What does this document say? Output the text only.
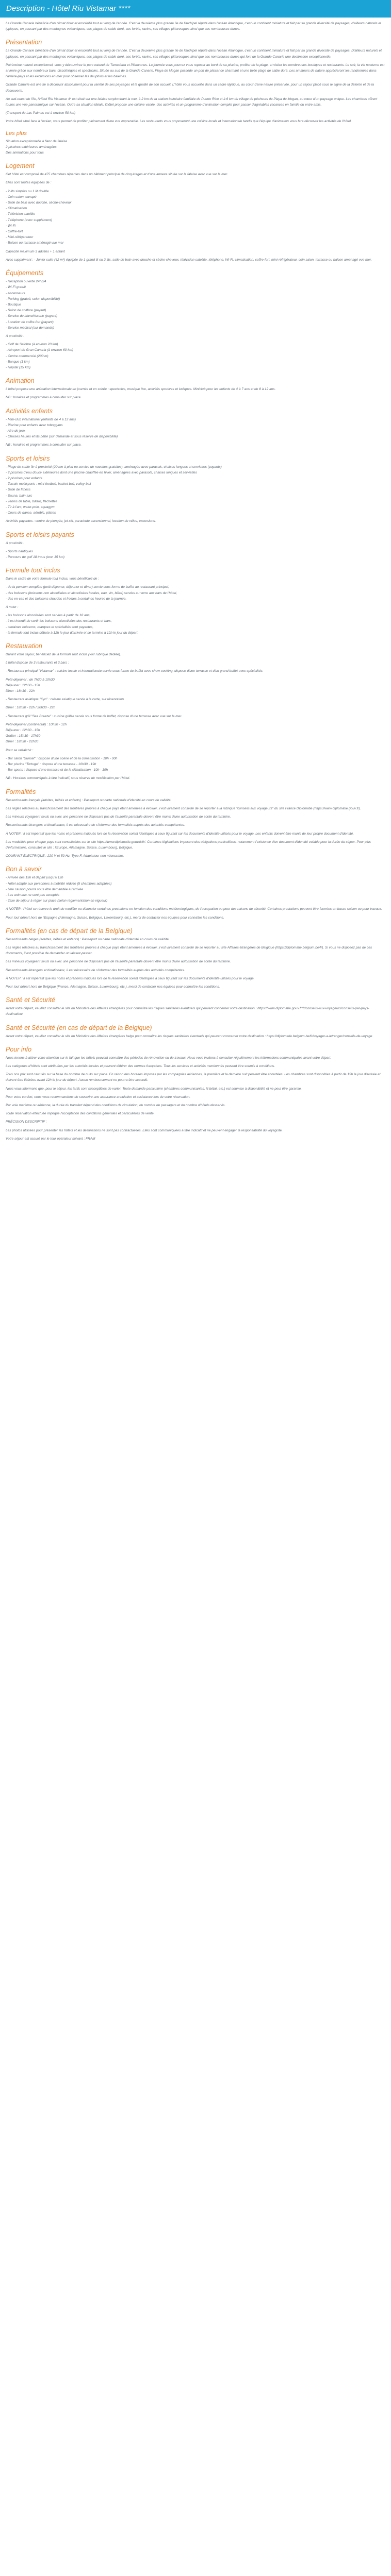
Description - Hôtel Riu Vistamar ****

La Grande Canarie bénéficie d'un climat doux et ensoleillé tout au long de l'année. C'est la deuxième plus grande île de l'archipel réputé dans l'océan Atlantique, c'est un continent miniature et fait par sa grande diversité de paysages, d'ailleurs naturels et typiques, en passant par des montagnes volcaniques, ses plages de sable doré, ses forêts, ravins, ses villages pittoresques ainsi que ses nombreuses dunes.

Présentation

La Grande Canarie bénéficie d'un climat doux et ensoleillé tout au long de l'année. C'est la deuxième plus grande île de l'archipel réputé dans l'océan Atlantique, c'est un continent miniature et fait par sa grande diversité de paysages. D'ailleurs naturels et typiques, en passant par des montagnes volcaniques, ses plages de sable doré, ses forêts, ravins, ses villages pittoresques ainsi que ses nombreuses dunes qui font de la Grande Canarie une destination exceptionnelle.

Patrimoine naturel exceptionnel, vous y découvrirez le parc naturel de Tamadaba et Pilancones. La journée vous pourrez vous reposer au bord de sa piscine, profiter de la plage, et visiter les nombreuses boutiques et restaurants. Le soir, la vie nocturne est animée grâce aux nombreux bars, discothèques et spectacles. Située au sud de la Grande Canarie, Playa de Mogan possède un port de plaisance charmant et une belle plage de sable doré. Les amateurs de nature apprécieront les randonnées dans l'arrière-pays et les excursions en mer pour observer les dauphins et les baleines.

Grande Canarie est une île à découvrir absolument pour la variété de ses paysages et la qualité de son accueil. L'hôtel vous accueille dans un cadre idyllique, au cœur d'une nature préservée, pour un séjour placé sous le signe de la détente et de la découverte.

Au sud-ouest de l'île, l'Hôtel Riu Vistamar 4* est situé sur une falaise surplombant la mer, à 2 km de la station balnéaire familiale de Puerto Rico et à 6 km du village de pêcheurs de Playa de Mogan, au cœur d'un paysage unique. Les chambres offrent toutes une vue panoramique sur l'océan. Outre sa situation idéale, l'hôtel propose une cuisine variée, des activités et un programme d'animation complet pour passer d'agréables vacances en famille ou entre amis.

(Transport de Las Palmas est à environ 50 km)

Votre hôtel situé face à l'océan, vous permet de profiter pleinement d'une vue imprenable. Les restaurants vous proposeront une cuisine locale et internationale tandis que l'équipe d'animation vous fera découvrir les activités de l'hôtel.

Les plus
Situation exceptionnelle à flanc de falaise
2 piscines extérieures aménagées
Des animations pour tous
Logement

Cet hôtel est composé de 475 chambres réparties dans un bâtiment principal de cinq étages et d'une annexe située sur la falaise avec vue sur la mer.

Elles sont toutes équipées de :

- 2 lits simples ou 1 lit double
- Coin salon, canapé
- Salle de bain avec douche, sèche-cheveux
- Climatisation
- Télévision satellite
- Téléphone (avec supplément)
- Wi-Fi
- Coffre-fort
- Mini-réfrigérateur
- Balcon ou terrasse aménagé vue mer

Capacité maximum 3 adultes + 1 enfant

Avec supplément : - Junior suite (42 m²) équipée de 1 grand lit ou 2 lits, salle de bain avec douche et sèche-cheveux, télévision satellite, téléphone, Wi-Fi, climatisation, coffre-fort, mini-réfrigérateur, coin salon, terrasse ou balcon aménagé vue mer.

Équipements
- Réception ouverte 24h/24
- Wi-Fi gratuit
- Ascenseurs
- Parking (gratuit, selon disponibilité)
- Boutique
- Salon de coiffure (payant)
- Service de blanchisserie (payant)
- Location de coffre-fort (payant)
- Service médical (sur demande)

À proximité :

- Golf de Salobre (à environ 20 km)
- Aéroport de Gran Canaria (à environ 60 km)
- Centre commercial (200 m)
- Banque (1 km)
- Hôpital (15 km)
Animation

L'hôtel propose une animation internationale en journée et en soirée : spectacles, musique live, activités sportives et ludiques. Miniclub pour les enfants de 4 à 7 ans et de 8 à 12 ans.

NB : horaires et programmes à consulter sur place.

Activités enfants
- Mini-club international (enfants de 4 à 12 ans)
- Piscine pour enfants avec toboggans
- Aire de jeux
- Chaises hautes et lits bébé (sur demande et sous réserve de disponibilité)

NB : horaires et programmes à consulter sur place.

Sports et loisirs
- Plage de sable fin à proximité (20 mn à pied ou service de navettes gratuites), aménagée avec parasols, chaises longues et serviettes (payants)
- 2 piscines d'eau douce extérieures dont une piscine chauffée en hiver, aménagées avec parasols, chaises longues et serviettes
- 2 piscines pour enfants
- Terrain multisports : mini-football, basket-ball, volley-ball
- Salle de fitness
- Sauna, bain turc
- Tennis de table, billard, fléchettes
- Tir à l'arc, water-polo, aquagym
- Cours de danse, aérobic, pilates

Activités payantes : centre de plongée, jet-ski, parachute ascensionnel, location de vélos, excursions.

Sports et loisirs payants

À proximité :

- Sports nautiques
- Parcours de golf 18 trous (env. 15 km)
Formule tout inclus

Dans le cadre de votre formule tout inclus, vous bénéficiez de :

- de la pension complète (petit déjeuner, déjeuner et dîner) servie sous forme de buffet au restaurant principal,
- des boissons (boissons non alcoolisées et alcoolisées locales, eau, vin, bière) servies au verre aux bars de l'hôtel,
- des en-cas et des boissons chaudes et froides à certaines heures de la journée.

À noter :

- les boissons alcoolisées sont servies à partir de 18 ans,
- il est interdit de sortir les boissons alcoolisées des restaurants et bars,
- certaines boissons, marques et spécialités sont payantes,
- la formule tout inclus débute à 12h le jour d'arrivée et se termine à 12h le jour du départ.
Restauration

Durant votre séjour, bénéficiez de la formule tout inclus (voir rubrique dédiée).

L'hôtel dispose de 3 restaurants et 3 bars :

- Restaurant principal "Vistamar" : cuisine locale et internationale servie sous forme de buffet avec show-cooking, dispose d'une terrasse et d'un grand buffet avec spécialités.

Petit-déjeuner : de 7h30 à 10h30
Déjeuner : 12h30 - 15h
Dîner : 18h30 - 22h

- Restaurant asiatique "Kyo" : cuisine asiatique servie à la carte, sur réservation.

Dîner : 18h30 - 22h / 20h30 - 22h

- Restaurant grill "Sea Breeze" : cuisine grillée servie sous forme de buffet, dispose d'une terrasse avec vue sur la mer.

Petit-déjeuner (continental) : 10h30 - 12h
Déjeuner : 12h30 - 15h
Goûter : 15h30 - 17h30
Dîner : 18h30 - 22h30

Pour se rafraîchir :

- Bar salon "Sunset" : dispose d'une scène et de la climatisation - 10h - 00h
- Bar piscine "Tortuga" : dispose d'une terrasse - 10h30 - 19h
- Bar sports : dispose d'une terrasse et de la climatisation - 10h - 19h

NB : Horaires communiqués à titre indicatif, sous réserve de modification par l'hôtel.

Formalités

Ressortissants français (adultes, bébés et enfants) : Passeport ou carte nationale d'identité en cours de validité.

Les règles relatives au franchissement des frontières propres à chaque pays étant amenées à évoluer, il est vivement conseillé de se reporter à la rubrique "conseils aux voyageurs" du site France Diplomatie (https://www.diplomatie.gouv.fr).

Les mineurs voyageant seuls ou avec une personne ne disposant pas de l'autorité parentale doivent être munis d'une autorisation de sortie du territoire.

Ressortissants étrangers et binationaux, il est nécessaire de s'informer des formalités auprès des autorités compétentes.

À NOTER : il est impératif que les noms et prénoms indiqués lors de la réservation soient identiques à ceux figurant sur les documents d'identité utilisés pour le voyage. Les enfants doivent être munis de leur propre document d'identité.

Les modalités pour chaque pays sont consultables sur le site https://www.diplomatie.gouv.fr/fr/. Certaines législations imposent des obligations particulières, notamment l'existence d'un document d'identité valable pour la durée du séjour. Pour plus d'informations, consultez le site : l'Europe, Allemagne, Suisse, Luxembourg, Belgique.

COURANT ÉLECTRIQUE : 220 V et 50 Hz. Type F. Adaptateur non nécessaire.

Bon à savoir
- Arrivée dès 15h et départ jusqu'à 12h
- Hôtel adapté aux personnes à mobilité réduite (5 chambres adaptées)
- Une caution pourra vous être demandée à l'arrivée
- Les animaux ne sont pas acceptés
- Taxe de séjour à régler sur place (selon réglementation en vigueur)

À NOTER : l'hôtel se réserve le droit de modifier ou d'annuler certaines prestations en fonction des conditions météorologiques, de l'occupation ou pour des raisons de sécurité. Certaines prestations peuvent être fermées en basse saison ou pour travaux.

Pour tout départ hors de l'Espagne (Allemagne, Suisse, Belgique, Luxembourg, etc.), merci de contacter nos équipes pour connaître les conditions.

Formalités (en cas de départ de la Belgique)

Ressortissants belges (adultes, bébés et enfants) : Passeport ou carte nationale d'identité en cours de validité.

Les règles relatives au franchissement des frontières propres à chaque pays étant amenées à évoluer, il est vivement conseillé de se reporter au site Affaires étrangères de Belgique (https://diplomatie.belgium.be/fr). Si vous ne disposez pas de ces documents, il est possible de demander un laissez-passer.

Les mineurs voyageant seuls ou avec une personne ne disposant pas de l'autorité parentale doivent être munis d'une autorisation de sortie du territoire.

Ressortissants étrangers et binationaux, il est nécessaire de s'informer des formalités auprès des autorités compétentes.

À NOTER : il est impératif que les noms et prénoms indiqués lors de la réservation soient identiques à ceux figurant sur les documents d'identité utilisés pour le voyage.

Pour tout départ hors de Belgique (France, Allemagne, Suisse, Luxembourg, etc.), merci de contacter nos équipes pour connaître les conditions.

Santé et Sécurité

Avant votre départ, veuillez consulter le site du Ministère des Affaires étrangères pour connaître les risques sanitaires éventuels qui peuvent concerner votre destination : https://www.diplomatie.gouv.fr/fr/conseils-aux-voyageurs/conseils-par-pays-destination/

Santé et Sécurité (en cas de départ de la Belgique)

Avant votre départ, veuillez consulter le site du Ministère des Affaires étrangères belge pour connaître les risques sanitaires éventuels qui peuvent concerner votre destination : https://diplomatie.belgium.be/fr/voyager-a-letranger/conseils-de-voyage

Pour info

Nous tenons à attirer votre attention sur le fait que les hôtels peuvent connaître des périodes de rénovation ou de travaux. Nous vous invitons à consulter régulièrement les informations communiquées avant votre départ.

Les catégories d'hôtels sont attribuées par les autorités locales et peuvent différer des normes françaises. Tous les services et activités mentionnés peuvent être soumis à conditions.

Tous nos prix sont calculés sur la base du nombre de nuits sur place. En raison des horaires imposés par les compagnies aériennes, la première et la dernière nuit peuvent être écourtées. Les chambres sont disponibles à partir de 15h le jour d'arrivée et doivent être libérées avant 12h le jour du départ. Aucun remboursement ne pourra être accordé.

Nous vous informons que, pour le séjour, les tarifs sont susceptibles de varier. Toute demande particulière (chambres communicantes, lit bébé, etc.) est soumise à disponibilité et ne peut être garantie.

Pour votre confort, nous vous recommandons de souscrire une assurance annulation et assistance lors de votre réservation.

Par voie maritime ou aérienne, la durée du transfert dépend des conditions de circulation, du nombre de passagers et du nombre d'hôtels desservis.

Toute réservation effectuée implique l'acceptation des conditions générales et particulières de vente.

PRÉCISION DESCRIPTIF :

Les photos utilisées pour présenter les hôtels et les destinations ne sont pas contractuelles. Elles sont communiquées à titre indicatif et ne peuvent engager la responsabilité du voyagiste.

Votre séjour est assuré par le tour opérateur suivant : FRAM
